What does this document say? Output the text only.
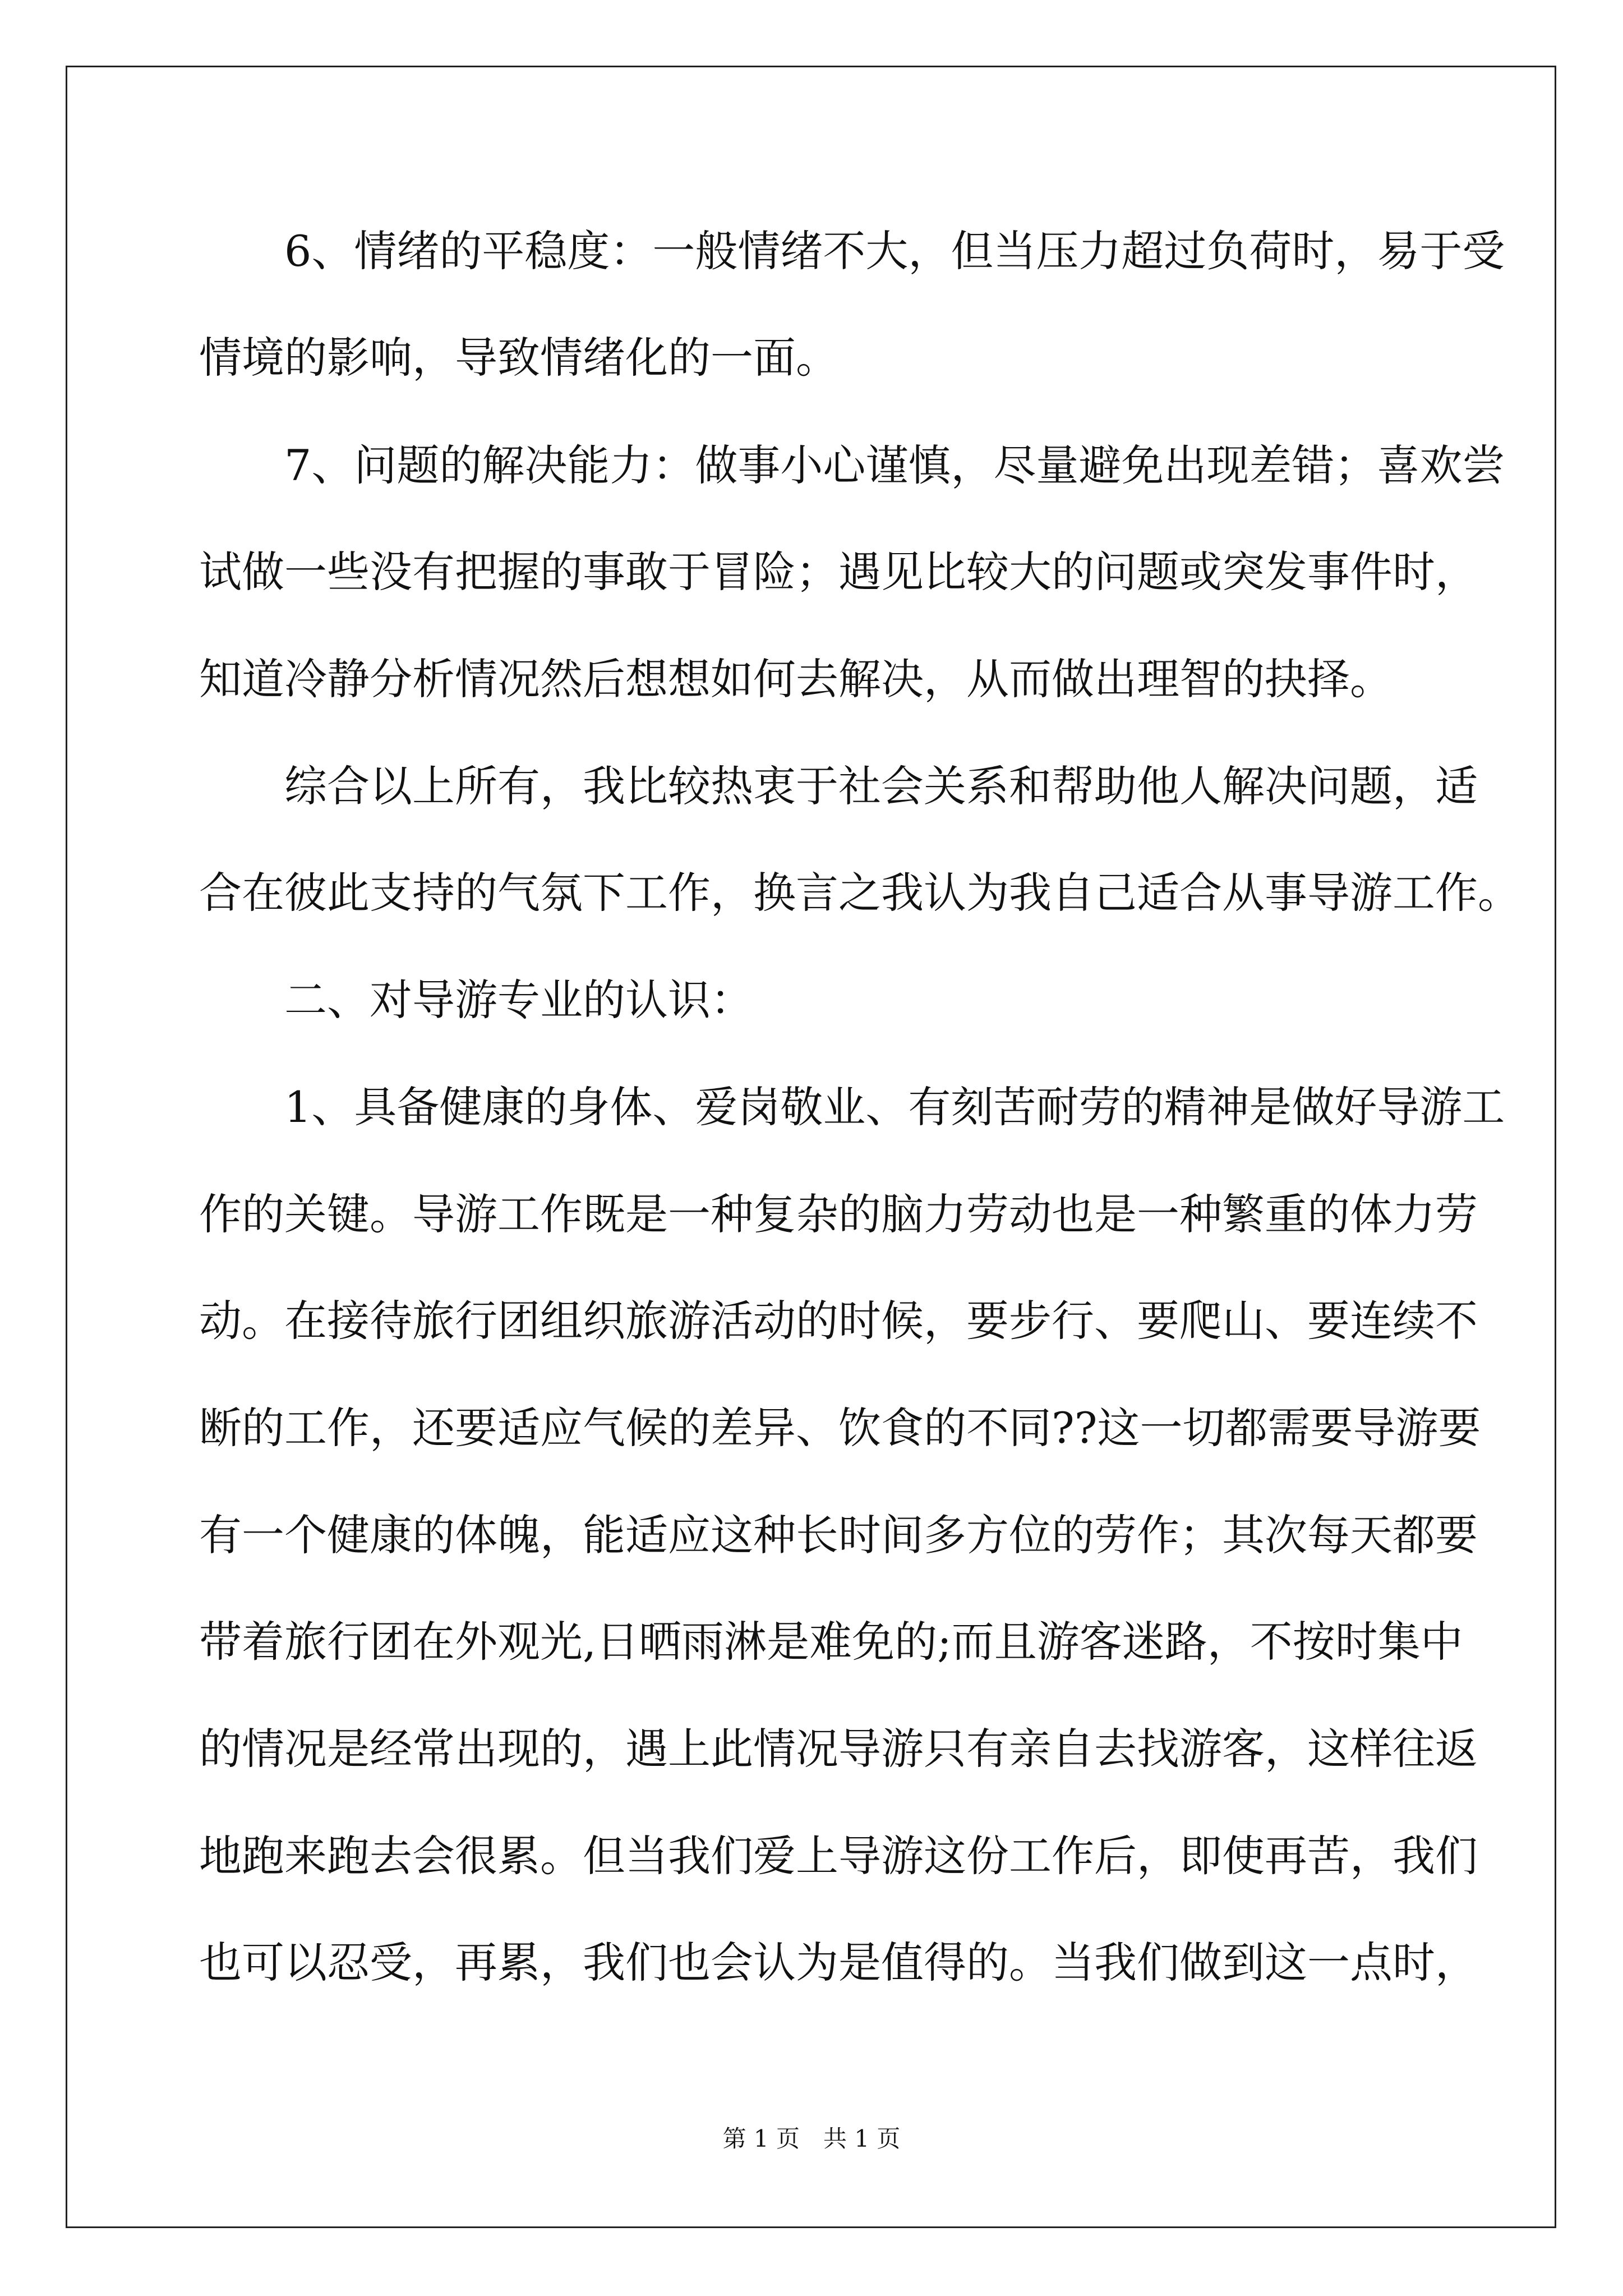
　　6、情绪的平稳度：一般情绪不大，但当压力超过负荷时，易于受
情境的影响，导致情绪化的一面。
　　7、问题的解决能力：做事小心谨慎，尽量避免出现差错；喜欢尝
试做一些没有把握的事敢于冒险；遇见比较大的问题或突发事件时，
知道冷静分析情况然后想想如何去解决，从而做出理智的抉择。
　　综合以上所有，我比较热衷于社会关系和帮助他人解决问题，适
合在彼此支持的气氛下工作，换言之我认为我自己适合从事导游工作。
　　二、对导游专业的认识：
　　1、具备健康的身体、爱岗敬业、有刻苦耐劳的精神是做好导游工
作的关键。导游工作既是一种复杂的脑力劳动也是一种繁重的体力劳
动。在接待旅行团组织旅游活动的时候，要步行、要爬山、要连续不
断的工作，还要适应气候的差异、饮食的不同??这一切都需要导游要
有一个健康的体魄，能适应这种长时间多方位的劳作；其次每天都要
带着旅行团在外观光,日晒雨淋是难免的;而且游客迷路，不按时集中
的情况是经常出现的，遇上此情况导游只有亲自去找游客，这样往返
地跑来跑去会很累。但当我们爱上导游这份工作后，即使再苦，我们
也可以忍受，再累，我们也会认为是值得的。当我们做到这一点时，
第 1 页　共 1 页
